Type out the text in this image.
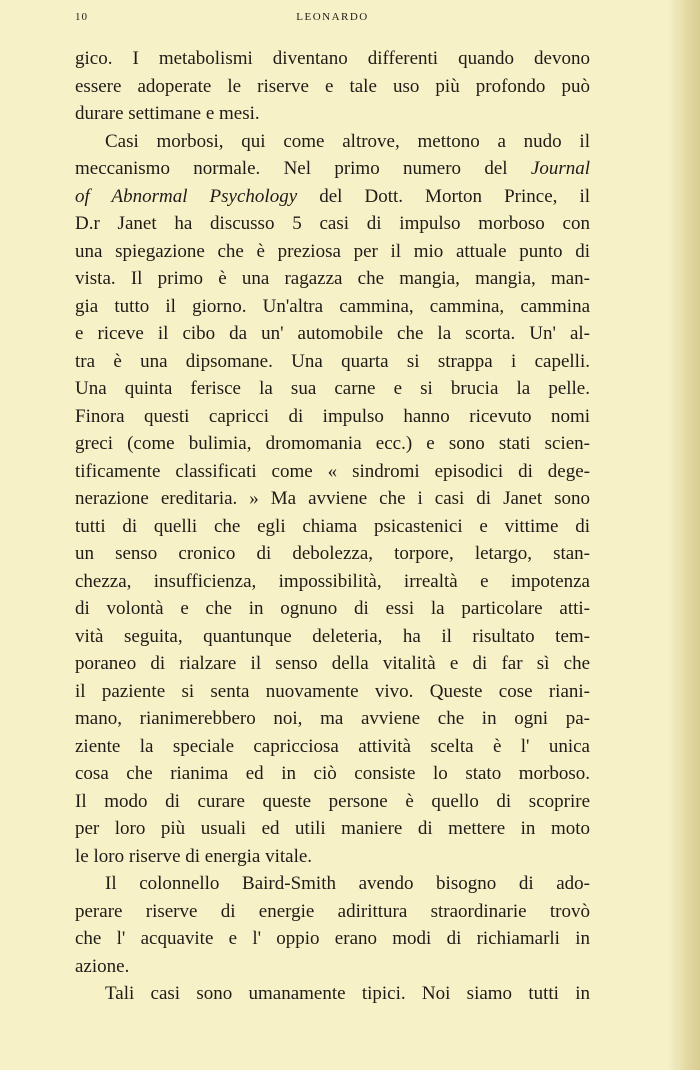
10	LEONARDO
gico. I metabolismi diventano differenti quando devono
essere adoperate le riserve e tale uso più profondo può
durare settimane e mesi.
Casi morbosi, qui come altrove, mettono a nudo il
meccanismo normale. Nel primo numero del Journal
of Abnormal Psychology del Dott. Morton Prince, il
D.r Janet ha discusso 5 casi di impulso morboso con
una spiegazione che è preziosa per il mio attuale punto di
vista. Il primo è una ragazza che mangia, mangia, man-
gia tutto il giorno. Un'altra cammina, cammina, cammina
e riceve il cibo da un' automobile che la scorta. Un' al-
tra è una dipsomane. Una quarta si strappa i capelli.
Una quinta ferisce la sua carne e si brucia la pelle.
Finora questi capricci di impulso hanno ricevuto nomi
greci (come bulimia, dromomania ecc.) e sono stati scien-
tificamente classificati come « sindromi episodici di dege-
nerazione ereditaria. » Ma avviene che i casi di Janet sono
tutti di quelli che egli chiama psicastenici e vittime di
un senso cronico di debolezza, torpore, letargo, stan-
chezza, insufficienza, impossibilità, irrealtà e impotenza
di volontà e che in ognuno di essi la particolare atti-
vità seguita, quantunque deleteria, ha il risultato tem-
poraneo di rialzare il senso della vitalità e di far sì che
il paziente si senta nuovamente vivo. Queste cose riani-
mano, rianimerebbero noi, ma avviene che in ogni pa-
ziente la speciale capricciosa attività scelta è l' unica
cosa che rianima ed in ciò consiste lo stato morboso.
Il modo di curare queste persone è quello di scoprire
per loro più usuali ed utili maniere di mettere in moto
le loro riserve di energia vitale.
Il colonnello Baird-Smith avendo bisogno di ado-
perare riserve di energie adirittura straordinarie trovò
che l' acquavite e l' oppio erano modi di richiamarli in
azione.
Tali casi sono umanamente tipici. Noi siamo tutti in
